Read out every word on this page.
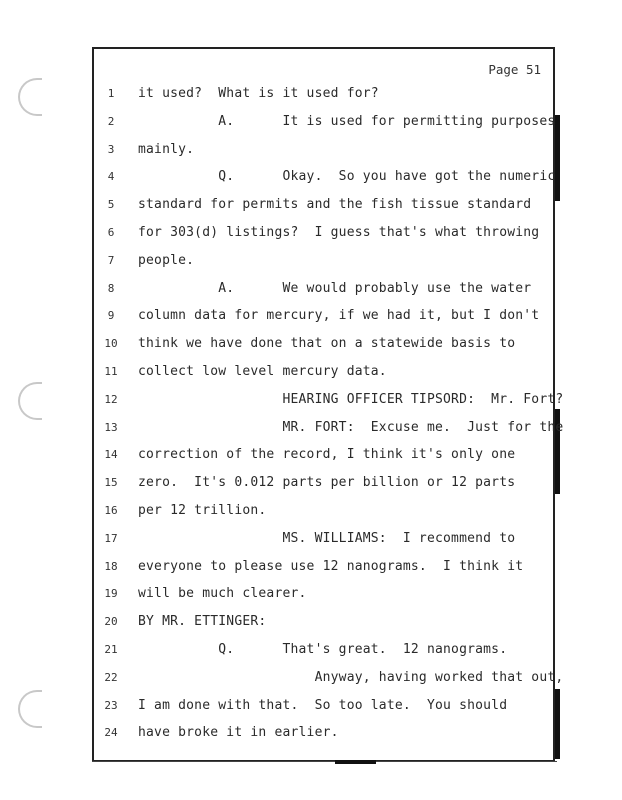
Page 51
1	it used?  What is it used for?
2	A.      It is used for permitting purposes
3	mainly.
4	Q.      Okay.  So you have got the numeric
5	standard for permits and the fish tissue standard
6	for 303(d) listings?  I guess that's what throwing
7	people.
8	A.      We would probably use the water
9	column data for mercury, if we had it, but I don't
10	think we have done that on a statewide basis to
11	collect low level mercury data.
12	HEARING OFFICER TIPSORD:  Mr. Fort?
13	MR. FORT:  Excuse me.  Just for the
14	correction of the record, I think it's only one
15	zero.  It's 0.012 parts per billion or 12 parts
16	per 12 trillion.
17	MS. WILLIAMS:  I recommend to
18	everyone to please use 12 nanograms.  I think it
19	will be much clearer.
20	BY MR. ETTINGER:
21	Q.      That's great.  12 nanograms.
22	Anyway, having worked that out,
23	I am done with that.  So too late.  You should
24	have broke it in earlier.
